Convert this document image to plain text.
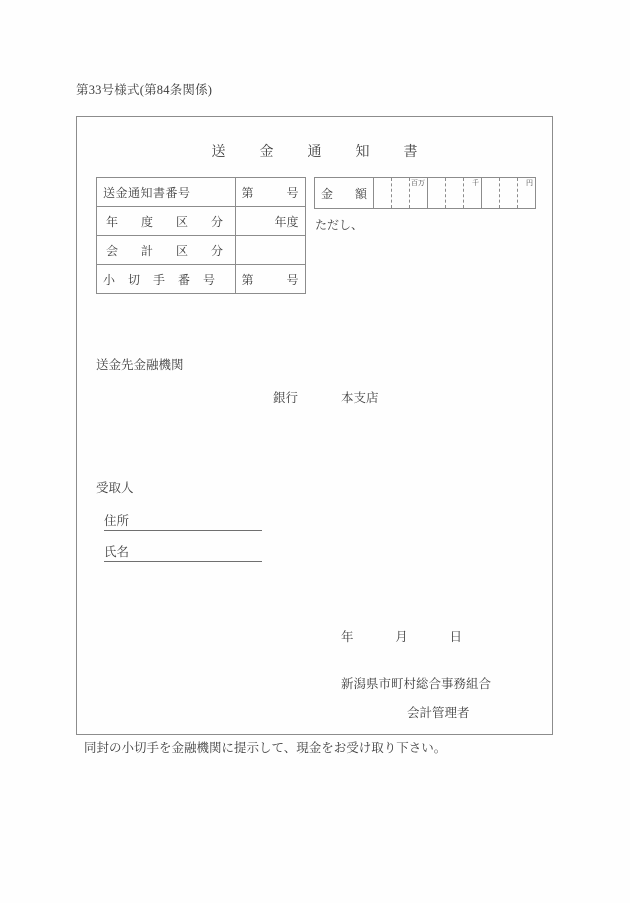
第33号様式(第84条関係)
送　金　通　知　書
送金通知書番号	第 号

年　度　区　分	年度

会　計　区　分	

小　切　手　番　号	第 号
金　額
百万	千	円
ただし、
送金先金融機関
銀行	本支店
受取人
住所
氏名
年	月	日
新潟県市町村総合事務組合
会計管理者
同封の小切手を金融機関に提示して、現金をお受け取り下さい。
